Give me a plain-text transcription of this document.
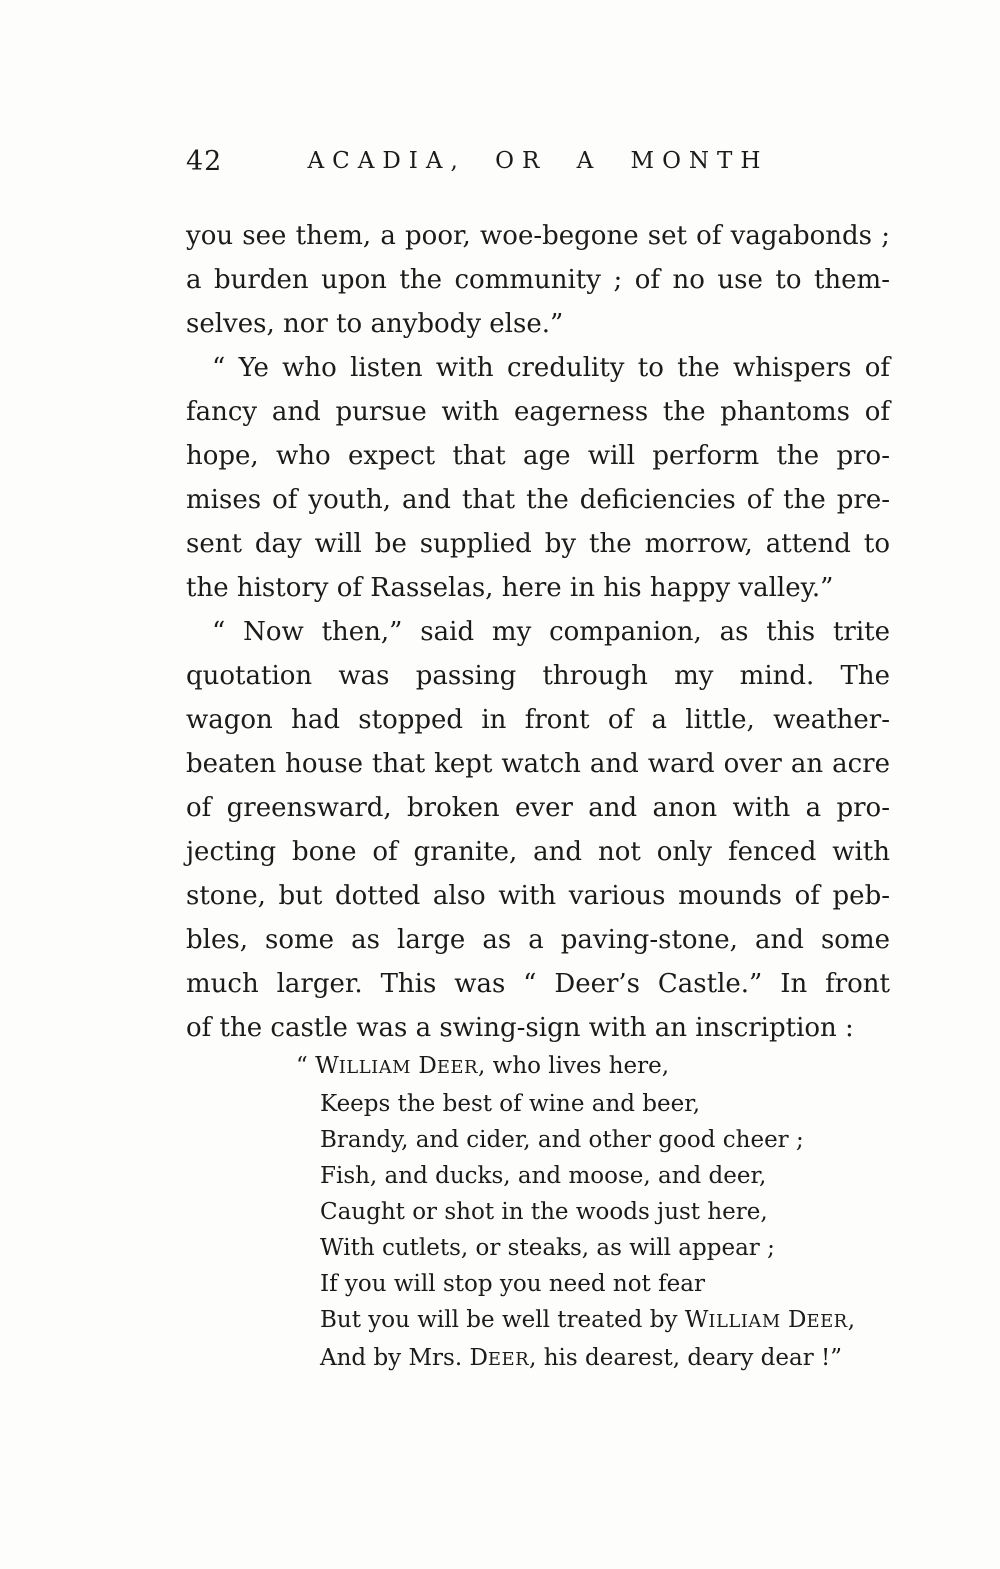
42	ACADIA, OR A MONTH
you see them, a poor, woe-begone set of vagabonds ;
a burden upon the community ; of no use to them-
selves, nor to anybody else.”
“ Ye who listen with credulity to the whispers of
fancy and pursue with eagerness the phantoms of
hope, who expect that age will perform the pro-
mises of youth, and that the deficiencies of the pre-
sent day will be supplied by the morrow, attend to
the history of Rasselas, here in his happy valley.”
“ Now then,” said my companion, as this trite
quotation was passing through my mind. The
wagon had stopped in front of a little, weather-
beaten house that kept watch and ward over an acre
of greensward, broken ever and anon with a pro-
jecting bone of granite, and not only fenced with
stone, but dotted also with various mounds of peb-
bles, some as large as a paving-stone, and some
much larger. This was “ Deer’s Castle.” In front
of the castle was a swing-sign with an inscription :
“ WILLIAM DEER, who lives here,
Keeps the best of wine and beer,
Brandy, and cider, and other good cheer ;
Fish, and ducks, and moose, and deer,
Caught or shot in the woods just here,
With cutlets, or steaks, as will appear ;
If you will stop you need not fear
But you will be well treated by WILLIAM DEER,
And by Mrs. DEER, his dearest, deary dear !”
